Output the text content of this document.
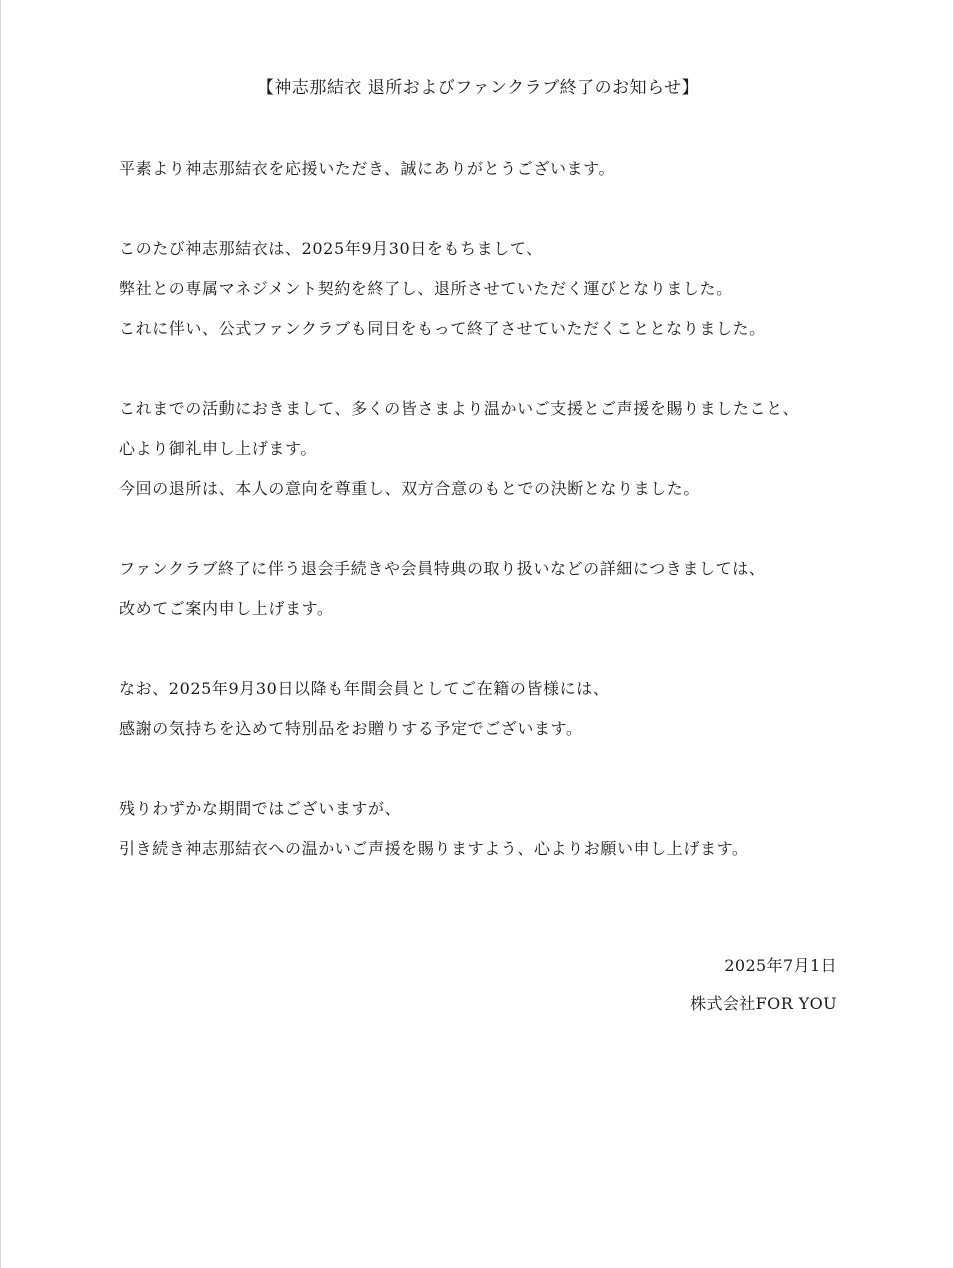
【神志那結衣 退所およびファンクラブ終了のお知らせ】
平素より神志那結衣を応援いただき、誠にありがとうございます。
このたび神志那結衣は、2025年9月30日をもちまして、
弊社との専属マネジメント契約を終了し、退所させていただく運びとなりました。
これに伴い、公式ファンクラブも同日をもって終了させていただくこととなりました。
これまでの活動におきまして、多くの皆さまより温かいご支援とご声援を賜りましたこと、
心より御礼申し上げます。
今回の退所は、本人の意向を尊重し、双方合意のもとでの決断となりました。
ファンクラブ終了に伴う退会手続きや会員特典の取り扱いなどの詳細につきましては、
改めてご案内申し上げます。
なお、2025年9月30日以降も年間会員としてご在籍の皆様には、
感謝の気持ちを込めて特別品をお贈りする予定でございます。
残りわずかな期間ではございますが、
引き続き神志那結衣への温かいご声援を賜りますよう、心よりお願い申し上げます。
2025年7月1日
株式会社FOR YOU
